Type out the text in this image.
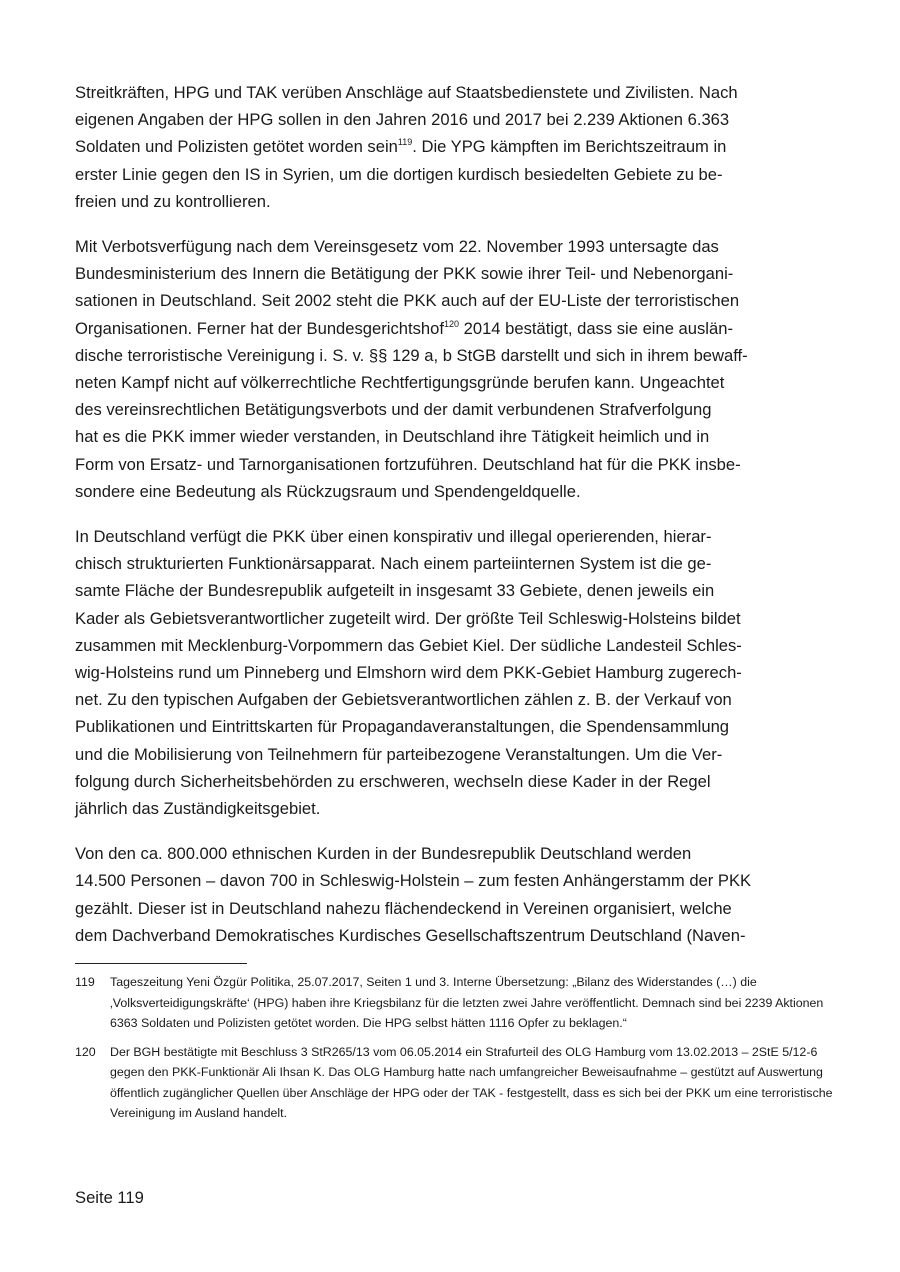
Streitkräften, HPG und TAK verüben Anschläge auf Staatsbedienstete und Zivilisten. Nach
eigenen Angaben der HPG sollen in den Jahren 2016 und 2017 bei 2.239 Aktionen 6.363
Soldaten und Polizisten getötet worden sein$^{119}$. Die YPG kämpften im Berichtszeitraum in
erster Linie gegen den IS in Syrien, um die dortigen kurdisch besiedelten Gebiete zu be-
freien und zu kontrollieren.

Mit Verbotsverfügung nach dem Vereinsgesetz vom 22. November 1993 untersagte das
Bundesministerium des Innern die Betätigung der PKK sowie ihrer Teil- und Nebenorgani-
sationen in Deutschland. Seit 2002 steht die PKK auch auf der EU-Liste der terroristischen
Organisationen. Ferner hat der Bundesgerichtshof$^{120}$ 2014 bestätigt, dass sie eine auslän-
dische terroristische Vereinigung i. S. v. §§ 129 a, b StGB darstellt und sich in ihrem bewaff-
neten Kampf nicht auf völkerrechtliche Rechtfertigungsgründe berufen kann. Ungeachtet
des vereinsrechtlichen Betätigungsverbots und der damit verbundenen Strafverfolgung
hat es die PKK immer wieder verstanden, in Deutschland ihre Tätigkeit heimlich und in
Form von Ersatz- und Tarnorganisationen fortzuführen. Deutschland hat für die PKK insbe-
sondere eine Bedeutung als Rückzugsraum und Spendengeldquelle.

In Deutschland verfügt die PKK über einen konspirativ und illegal operierenden, hierar-
chisch strukturierten Funktionärsapparat. Nach einem parteiinternen System ist die ge-
samte Fläche der Bundesrepublik aufgeteilt in insgesamt 33 Gebiete, denen jeweils ein
Kader als Gebietsverantwortlicher zugeteilt wird. Der größte Teil Schleswig-Holsteins bildet
zusammen mit Mecklenburg-Vorpommern das Gebiet Kiel. Der südliche Landesteil Schles-
wig-Holsteins rund um Pinneberg und Elmshorn wird dem PKK-Gebiet Hamburg zugerech-
net. Zu den typischen Aufgaben der Gebietsverantwortlichen zählen z. B. der Verkauf von
Publikationen und Eintrittskarten für Propagandaveranstaltungen, die Spendensammlung
und die Mobilisierung von Teilnehmern für parteibezogene Veranstaltungen. Um die Ver-
folgung durch Sicherheitsbehörden zu erschweren, wechseln diese Kader in der Regel
jährlich das Zuständigkeitsgebiet.

Von den ca. 800.000 ethnischen Kurden in der Bundesrepublik Deutschland werden
14.500 Personen – davon 700 in Schleswig-Holstein – zum festen Anhängerstamm der PKK
gezählt. Dieser ist in Deutschland nahezu flächendeckend in Vereinen organisiert, welche
dem Dachverband Demokratisches Kurdisches Gesellschaftszentrum Deutschland (Naven-

119	Tageszeitung Yeni Özgür Politika, 25.07.2017, Seiten 1 und 3. Interne Übersetzung: „Bilanz des Widerstandes (…) die ‚Volksverteidigungskräfte‘ (HPG) haben ihre Kriegsbilanz für die letzten zwei Jahre veröffentlicht. Demnach sind bei 2239 Aktionen 6363 Soldaten und Polizisten getötet worden. Die HPG selbst hätten 1116 Opfer zu beklagen.“
120	Der BGH bestätigte mit Beschluss 3 StR265/13 vom 06.05.2014 ein Strafurteil des OLG Hamburg vom 13.02.2013 – 2StE 5/12-6 gegen den PKK-Funktionär Ali Ihsan K. Das OLG Hamburg hatte nach umfangreicher Beweisaufnahme – gestützt auf Auswertung öffentlich zugänglicher Quellen über Anschläge der HPG oder der TAK - festgestellt, dass es sich bei der PKK um eine terroristische Vereinigung im Ausland handelt.
Seite 119
